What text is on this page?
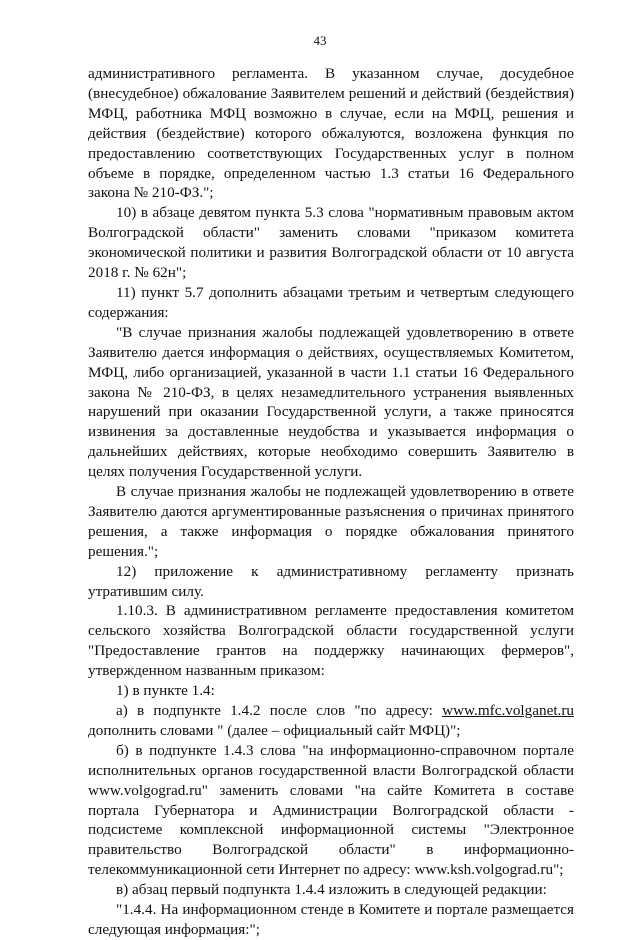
43

административного регламента. В указанном случае, досудебное (внесудебное) обжалование Заявителем решений и действий (бездействия) МФЦ, работника МФЦ возможно в случае, если на МФЦ, решения и действия (бездействие) которого обжалуются, возложена функция по предоставлению соответствующих Государственных услуг в полном объеме в порядке, определенном частью 1.3 статьи 16 Федерального закона № 210-ФЗ.";

10) в абзаце девятом пункта 5.3 слова "нормативным правовым актом Волгоградской области" заменить словами "приказом комитета экономической политики и развития Волгоградской области от 10 августа 2018 г. № 62н";

11) пункт 5.7 дополнить абзацами третьим и четвертым следующего содержания:

"В случае признания жалобы подлежащей удовлетворению в ответе Заявителю дается информация о действиях, осуществляемых Комитетом, МФЦ, либо организацией, указанной в части 1.1 статьи 16 Федерального закона № 210-ФЗ, в целях незамедлительного устранения выявленных нарушений при оказании Государственной услуги, а также приносятся извинения за доставленные неудобства и указывается информация о дальнейших действиях, которые необходимо совершить Заявителю в целях получения Государственной услуги.

В случае признания жалобы не подлежащей удовлетворению в ответе Заявителю даются аргументированные разъяснения о причинах принятого решения, а также информация о порядке обжалования принятого решения.";

12) приложение к административному регламенту признать утратившим силу.

1.10.3. В административном регламенте предоставления комитетом сельского хозяйства Волгоградской области государственной услуги "Предоставление грантов на поддержку начинающих фермеров", утвержденном названным приказом:

1) в пункте 1.4:

а) в подпункте 1.4.2 после слов "по адресу: www.mfc.volganet.ru дополнить словами " (далее – официальный сайт МФЦ)";

б) в подпункте 1.4.3 слова "на информационно-справочном портале исполнительных органов государственной власти Волгоградской области www.volgograd.ru" заменить словами "на сайте Комитета в составе портала Губернатора и Администрации Волгоградской области - подсистеме комплексной информационной системы "Электронное правительство Волгоградской области" в информационно-телекоммуникационной сети Интернет по адресу: www.ksh.volgograd.ru";

в) абзац первый подпункта 1.4.4 изложить в следующей редакции:

"1.4.4. На информационном стенде в Комитете и портале размещается следующая информация:";
